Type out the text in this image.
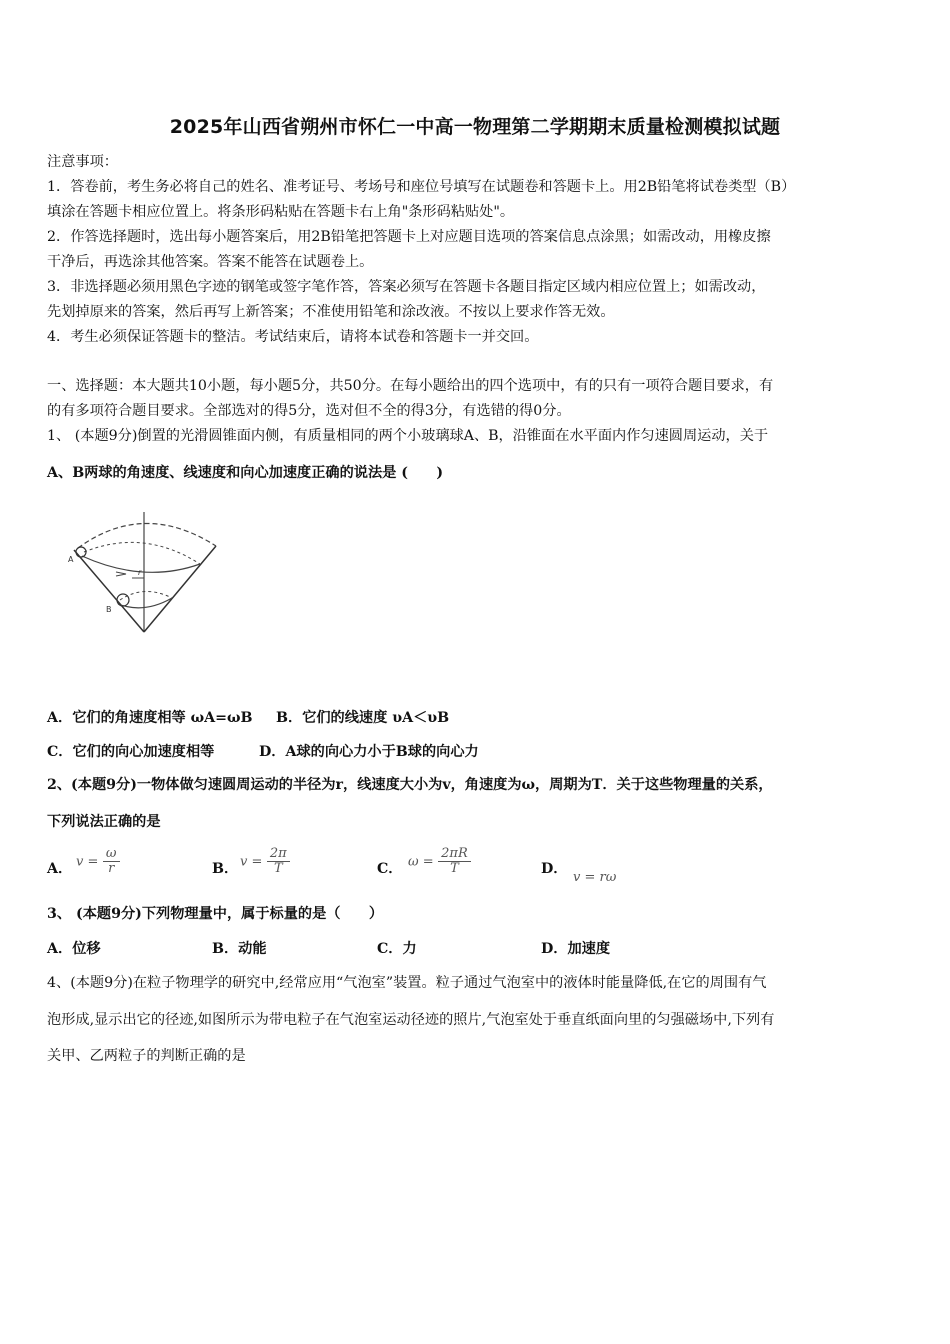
2025年山西省朔州市怀仁一中高一物理第二学期期末质量检测模拟试题
注意事项：
1．答卷前，考生务必将自己的姓名、准考证号、考场号和座位号填写在试题卷和答题卡上。用2B铅笔将试卷类型（B）
填涂在答题卡相应位置上。将条形码粘贴在答题卡右上角"条形码粘贴处"。
2．作答选择题时，选出每小题答案后，用2B铅笔把答题卡上对应题目选项的答案信息点涂黑；如需改动，用橡皮擦
干净后，再选涂其他答案。答案不能答在试题卷上。
3．非选择题必须用黑色字迹的钢笔或签字笔作答，答案必须写在答题卡各题目指定区域内相应位置上；如需改动，
先划掉原来的答案，然后再写上新答案；不准使用铅笔和涂改液。不按以上要求作答无效。
4．考生必须保证答题卡的整洁。考试结束后，请将本试卷和答题卡一并交回。
一、选择题：本大题共10小题，每小题5分，共50分。在每小题给出的四个选项中，有的只有一项符合题目要求，有
的有多项符合题目要求。全部选对的得5分，选对但不全的得3分，有选错的得0分。
1、 (本题9分)倒置的光滑圆锥面内侧，有质量相同的两个小玻璃球A、B，沿锥面在水平面内作匀速圆周运动，关于
A、B两球的角速度、线速度和向心加速度正确的说法是 (　　)
A
B
r
A．它们的角速度相等 ωA=ωB B．它们的线速度 υA＜υB
C．它们的向心加速度相等	D．A球的向心力小于B球的向心力
2、(本题9分)一物体做匀速圆周运动的半径为r，线速度大小为v，角速度为ω，周期为T．关于这些物理量的关系，
下列说法正确的是
A． $v = \frac{\omega}{r}$	B． $v = \frac{2\pi}{T}$	C． $\omega = \frac{2\pi R}{T}$	D．
v = rω
3、 (本题9分)下列物理量中，属于标量的是（　　）
A．位移	B．动能	C．力	D．加速度
4、(本题9分)在粒子物理学的研究中,经常应用“气泡室”装置。粒子通过气泡室中的液体时能量降低,在它的周围有气
泡形成,显示出它的径迹,如图所示为带电粒子在气泡室运动径迹的照片,气泡室处于垂直纸面向里的匀强磁场中,下列有
关甲、乙两粒子的判断正确的是
